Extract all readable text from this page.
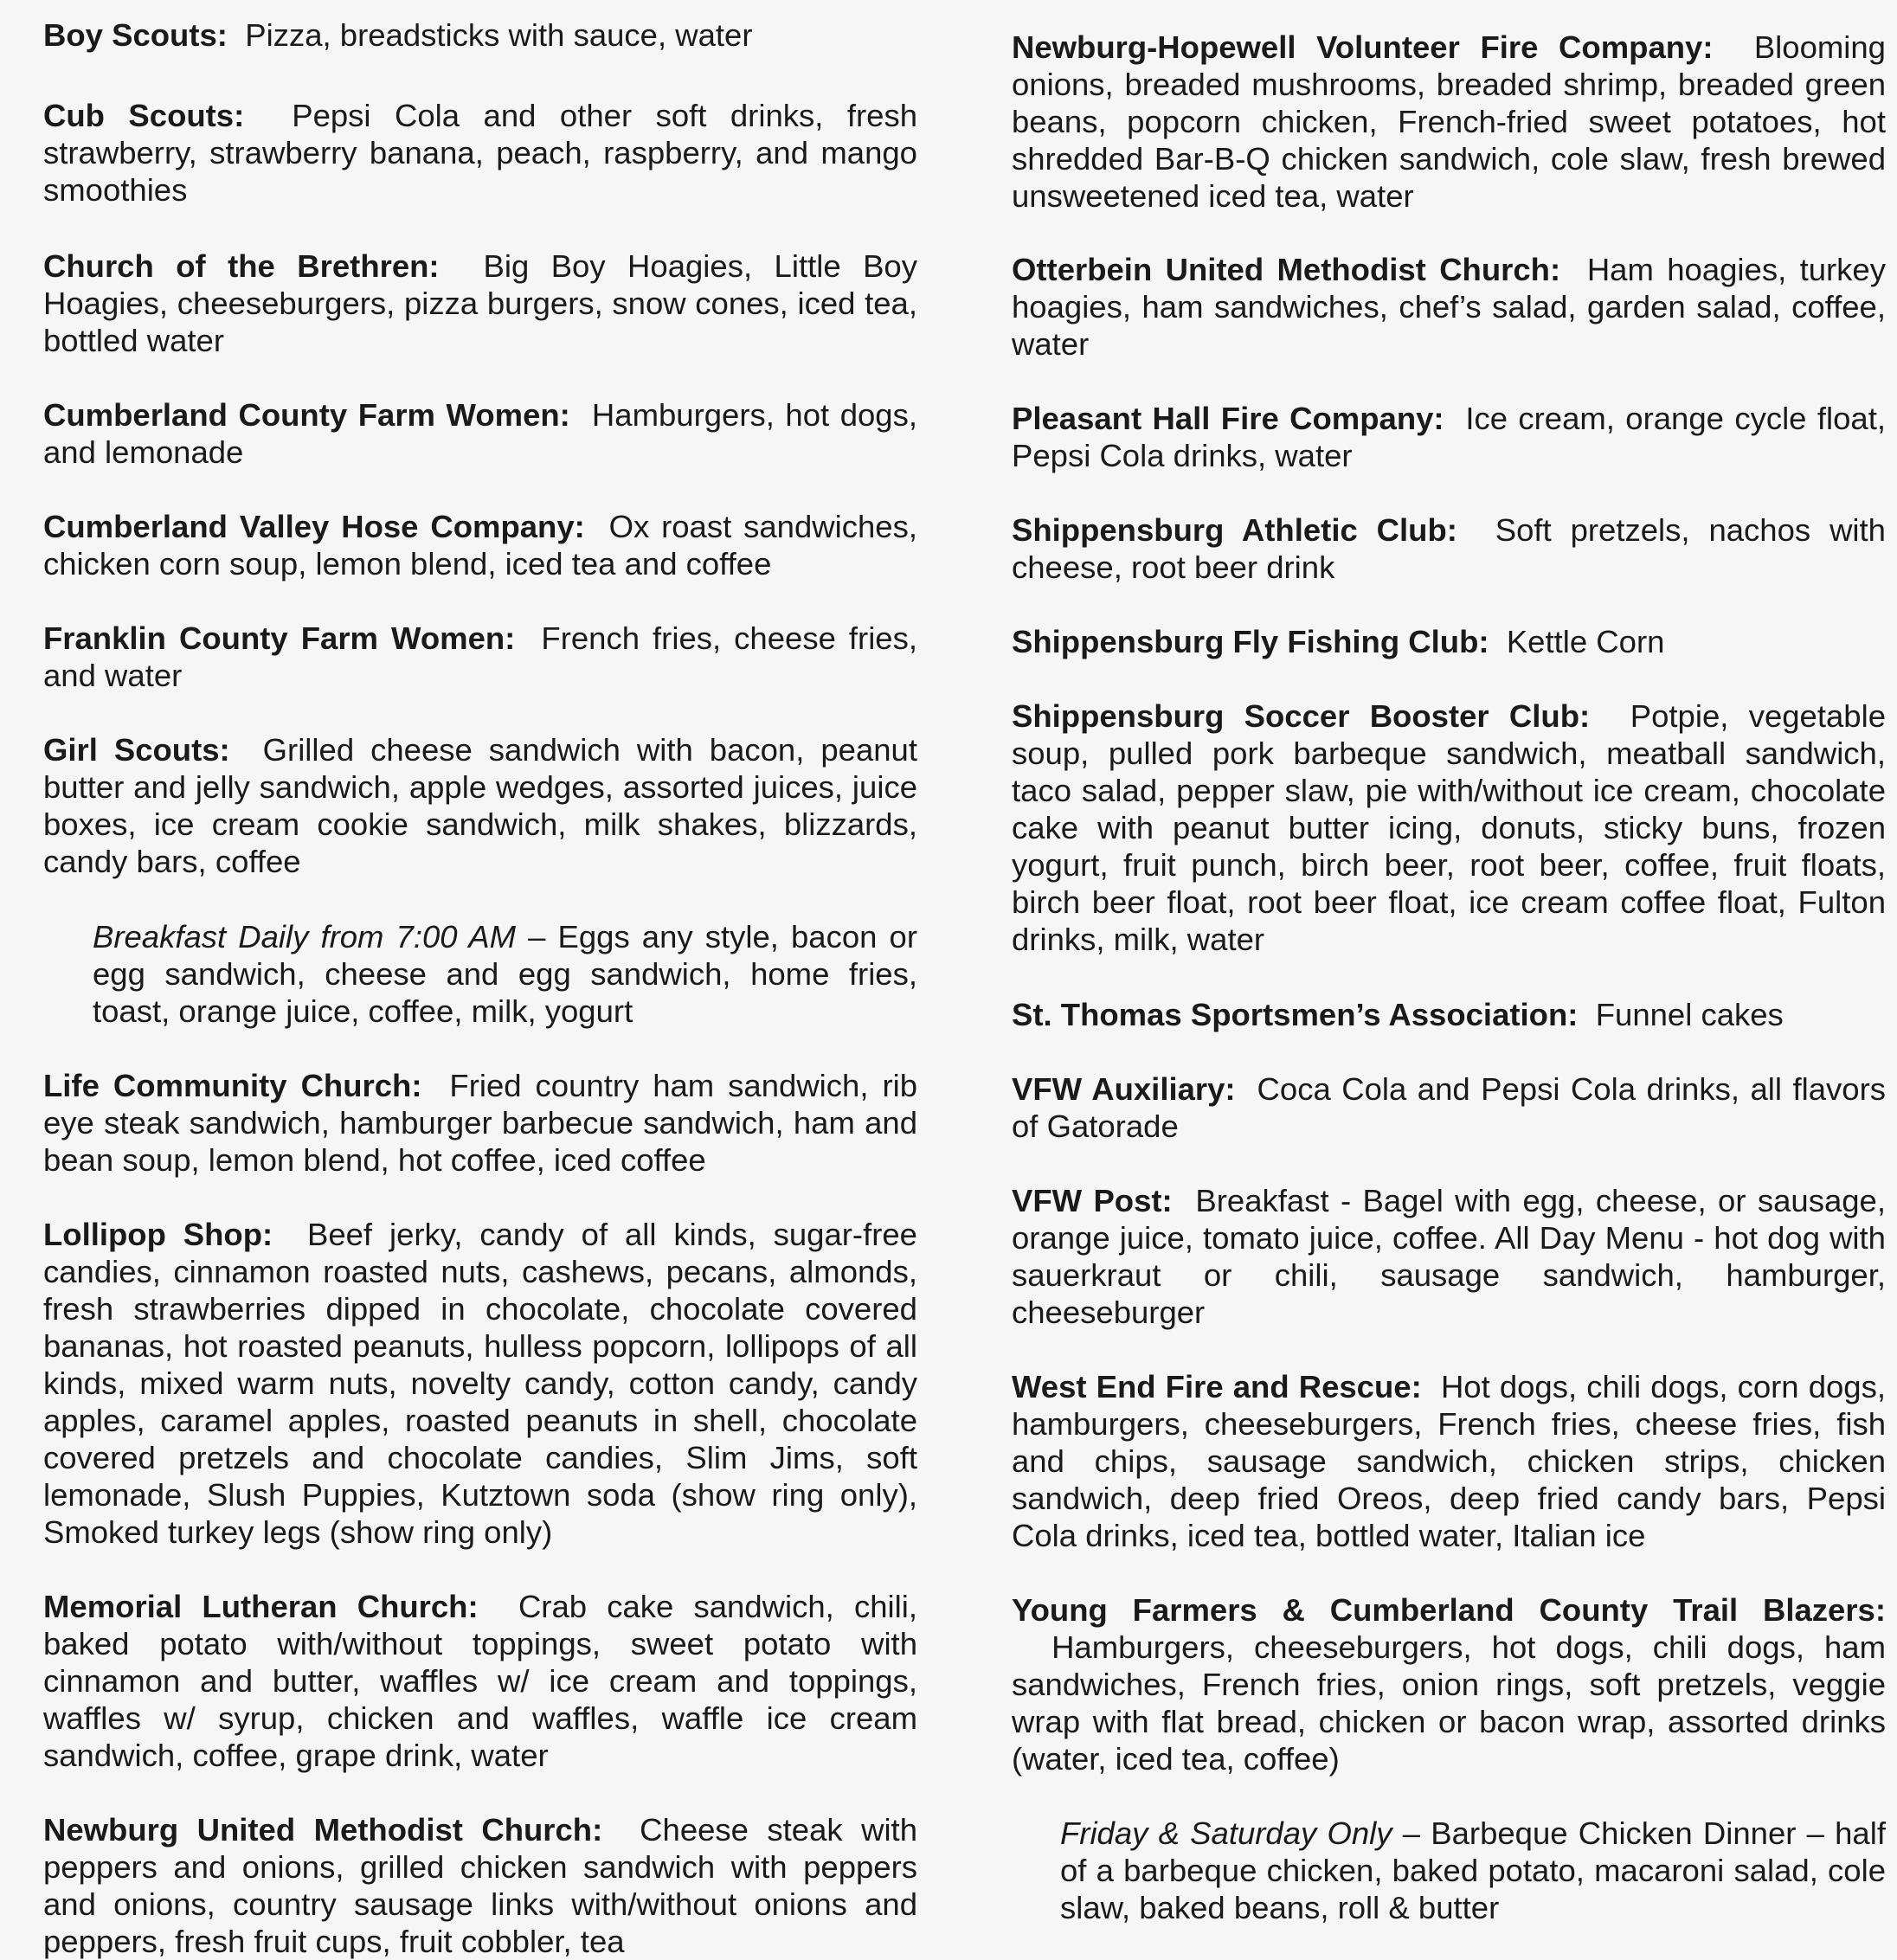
Boy Scouts: Pizza, breadsticks with sauce, water

Cub Scouts: Pepsi Cola and other soft drinks, fresh strawberry, strawberry banana, peach, raspberry, and mango smoothies

Church of the Brethren: Big Boy Hoagies, Little Boy Hoagies, cheeseburgers, pizza burgers, snow cones, iced tea, bottled water

Cumberland County Farm Women: Hamburgers, hot dogs, and lemonade

Cumberland Valley Hose Company: Ox roast sandwiches, chicken corn soup, lemon blend, iced tea and coffee

Franklin County Farm Women: French fries, cheese fries, and water

Girl Scouts: Grilled cheese sandwich with bacon, peanut butter and jelly sandwich, apple wedges, assorted juices, juice boxes, ice cream cookie sandwich, milk shakes, blizzards, candy bars, coffee

Breakfast Daily from 7:00 AM – Eggs any style, bacon or egg sandwich, cheese and egg sandwich, home fries, toast, orange juice, coffee, milk, yogurt

Life Community Church: Fried country ham sandwich, rib eye steak sandwich, hamburger barbecue sandwich, ham and bean soup, lemon blend, hot coffee, iced coffee

Lollipop Shop: Beef jerky, candy of all kinds, sugar-free candies, cinnamon roasted nuts, cashews, pecans, almonds, fresh strawberries dipped in chocolate, chocolate covered bananas, hot roasted peanuts, hulless popcorn, lollipops of all kinds, mixed warm nuts, novelty candy, cotton candy, candy apples, caramel apples, roasted peanuts in shell, chocolate covered pretzels and chocolate candies, Slim Jims, soft lemonade, Slush Puppies, Kutztown soda (show ring only), Smoked turkey legs (show ring only)

Memorial Lutheran Church: Crab cake sandwich, chili, baked potato with/without toppings, sweet potato with cinnamon and butter, waffles w/ ice cream and toppings, waffles w/ syrup, chicken and waffles, waffle ice cream sandwich, coffee, grape drink, water

Newburg United Methodist Church: Cheese steak with peppers and onions, grilled chicken sandwich with peppers and onions, country sausage links with/without onions and peppers, fresh fruit cups, fruit cobbler, tea

Newburg-Hopewell Volunteer Fire Company: Blooming onions, breaded mushrooms, breaded shrimp, breaded green beans, popcorn chicken, French-fried sweet potatoes, hot shredded Bar-B-Q chicken sandwich, cole slaw, fresh brewed unsweetened iced tea, water

Otterbein United Methodist Church: Ham hoagies, turkey hoagies, ham sandwiches, chef’s salad, garden salad, coffee, water

Pleasant Hall Fire Company: Ice cream, orange cycle float, Pepsi Cola drinks, water

Shippensburg Athletic Club: Soft pretzels, nachos with cheese, root beer drink

Shippensburg Fly Fishing Club: Kettle Corn

Shippensburg Soccer Booster Club: Potpie, vegetable soup, pulled pork barbeque sandwich, meatball sandwich, taco salad, pepper slaw, pie with/without ice cream, chocolate cake with peanut butter icing, donuts, sticky buns, frozen yogurt, fruit punch, birch beer, root beer, coffee, fruit floats, birch beer float, root beer float, ice cream coffee float, Fulton drinks, milk, water

St. Thomas Sportsmen’s Association: Funnel cakes

VFW Auxiliary: Coca Cola and Pepsi Cola drinks, all flavors of Gatorade

VFW Post: Breakfast - Bagel with egg, cheese, or sausage, orange juice, tomato juice, coffee. All Day Menu - hot dog with sauerkraut or chili, sausage sandwich, hamburger, cheeseburger

West End Fire and Rescue: Hot dogs, chili dogs, corn dogs, hamburgers, cheeseburgers, French fries, cheese fries, fish and chips, sausage sandwich, chicken strips, chicken sandwich, deep fried Oreos, deep fried candy bars, Pepsi Cola drinks, iced tea, bottled water, Italian ice

Young Farmers & Cumberland County Trail Blazers:  Hamburgers, cheeseburgers, hot dogs, chili dogs, ham sandwiches, French fries, onion rings, soft pretzels, veggie wrap with flat bread, chicken or bacon wrap, assorted drinks (water, iced tea, coffee)

Friday & Saturday Only – Barbeque Chicken Dinner – half of a barbeque chicken, baked potato, macaroni salad, cole slaw, baked beans, roll & butter
